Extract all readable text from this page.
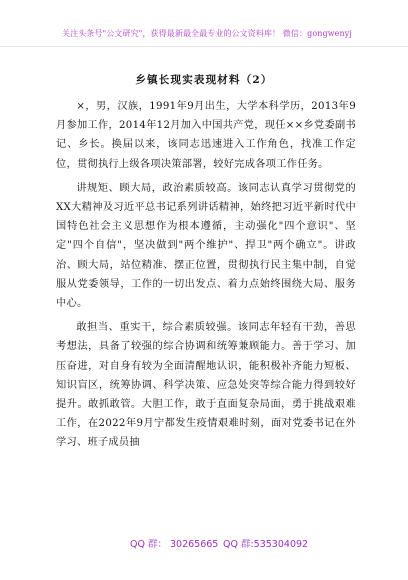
关注头条号"公文研究"，获得最新最全最专业的公文资料库！ 微信：gongwenyj
乡镇长现实表现材料（2）

×，男，汉族，1991年9月出生，大学本科学历，2013年9月参加工作，2014年12月加入中国共产党，现任××乡党委副书记、乡长。换届以来，该同志迅速进入工作角色，找准工作定位，贯彻执行上级各项决策部署，较好完成各项工作任务。

讲规矩、顾大局，政治素质较高。该同志认真学习贯彻党的XX大精神及习近平总书记系列讲话精神，始终把习近平新时代中国特色社会主义思想作为根本遵循，主动强化"四个意识"、坚定"四个自信"，坚决做到"两个维护"、捍卫"两个确立"。讲政治、顾大局，站位精准、摆正位置，贯彻执行民主集中制，自觉服从党委领导，工作的一切出发点、着力点始终围绕大局、服务中心。

敢担当、重实干，综合素质较强。该同志年轻有干劲，善思考想法，具备了较强的综合协调和统筹兼顾能力。善于学习、加压奋进，对自身有较为全面清醒地认识，能积极补齐能力短板、知识盲区，统筹协调、科学决策、应急处突等综合能力得到较好提升。敢抓敢管。大胆工作，敢于直面复杂局面，勇于挑战艰难工作，在2022年9月宁都发生疫情艰难时刻，面对党委书记在外学习、班子成员抽

QQ 群： 30265665 QQ 群:535304092
